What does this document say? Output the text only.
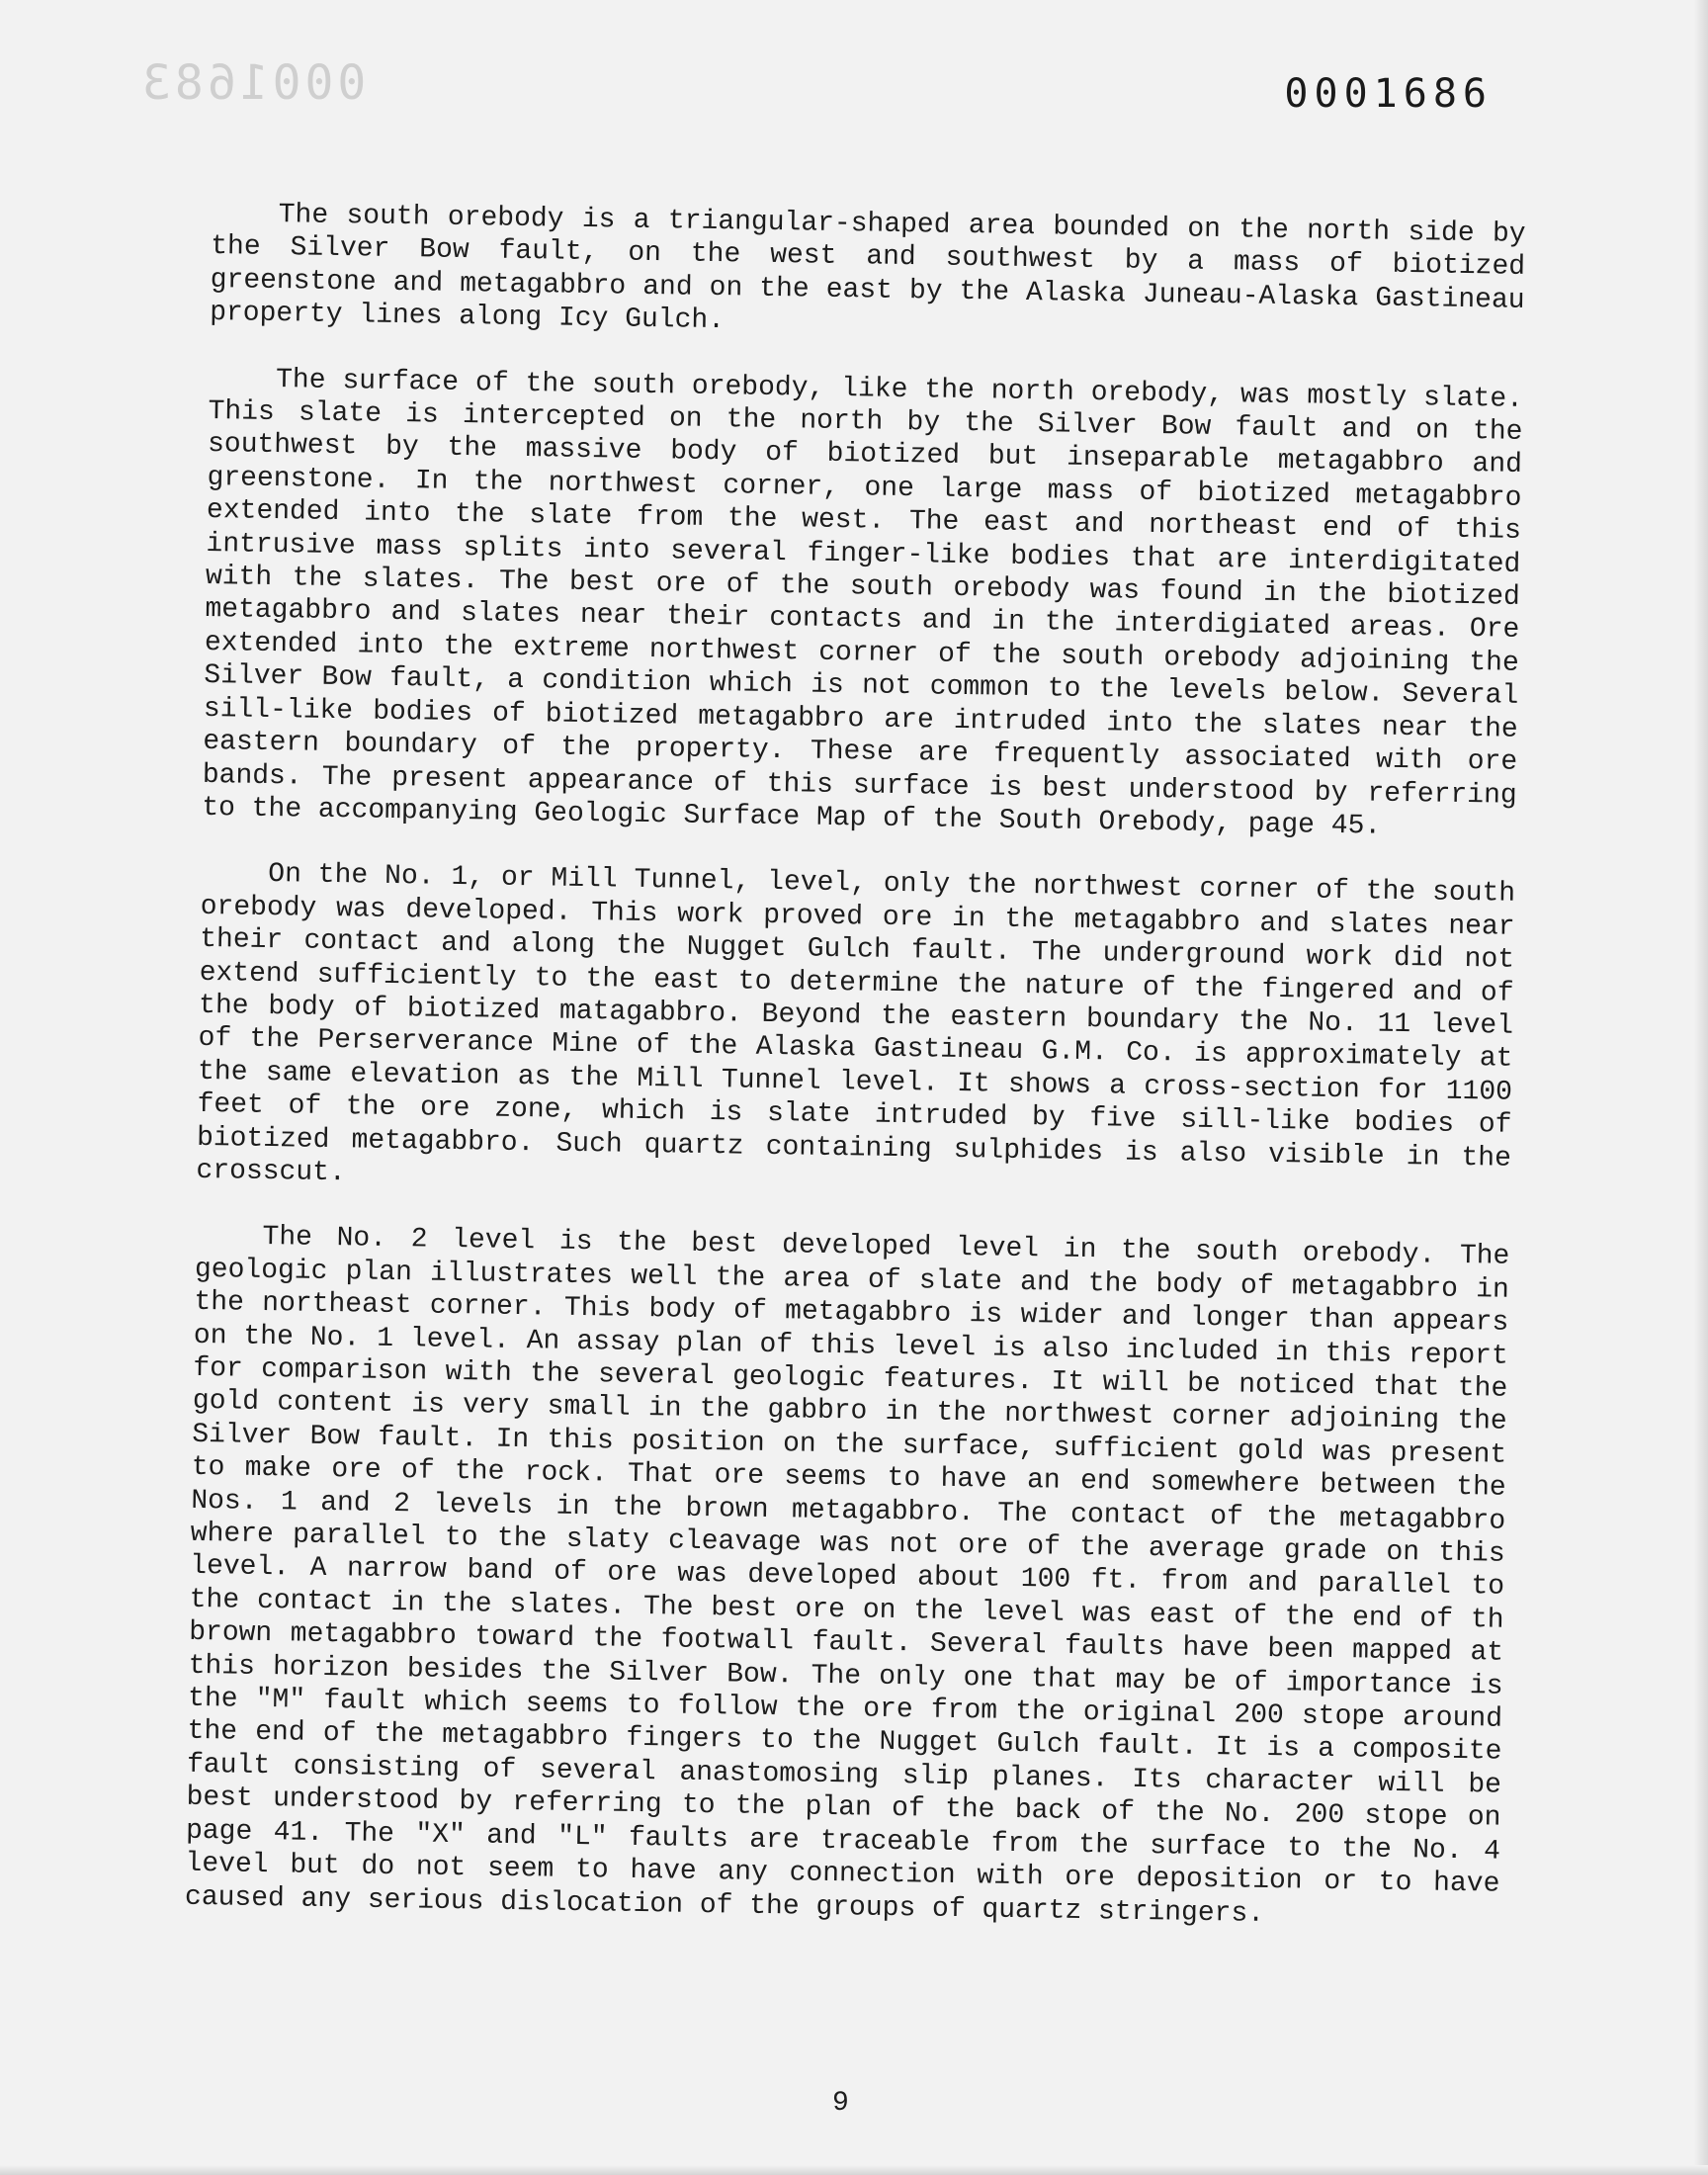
0001683	0001686

The south orebody is a triangular-shaped area bounded on the north side by the Silver Bow fault, on the west and southwest by a mass of biotized greenstone and metagabbro and on the east by the Alaska Juneau-Alaska Gastineau property lines along Icy Gulch.

The surface of the south orebody, like the north orebody, was mostly slate. This slate is intercepted on the north by the Silver Bow fault and on the southwest by the massive body of biotized but inseparable metagabbro and greenstone. In the northwest corner, one large mass of biotized metagabbro extended into the slate from the west. The east and northeast end of this intrusive mass splits into several finger-like bodies that are interdigitated with the slates. The best ore of the south orebody was found in the biotized metagabbro and slates near their contacts and in the interdigiated areas. Ore extended into the extreme northwest corner of the south orebody adjoining the Silver Bow fault, a condition which is not common to the levels below. Several sill-like bodies of biotized metagabbro are intruded into the slates near the eastern boundary of the property. These are frequently associated with ore bands. The present appearance of this surface is best understood by referring to the accompanying Geologic Surface Map of the South Orebody, page 45.

On the No. 1, or Mill Tunnel, level, only the northwest corner of the south orebody was developed. This work proved ore in the metagabbro and slates near their contact and along the Nugget Gulch fault. The underground work did not extend sufficiently to the east to determine the nature of the fingered and of the body of biotized matagabbro. Beyond the eastern boundary the No. 11 level of the Perserverance Mine of the Alaska Gastineau G.M. Co. is approximately at the same elevation as the Mill Tunnel level. It shows a cross-section for 1100 feet of the ore zone, which is slate intruded by five sill-like bodies of biotized metagabbro. Such quartz containing sulphides is also visible in the crosscut.

The No. 2 level is the best developed level in the south orebody. The geologic plan illustrates well the area of slate and the body of metagabbro in the northeast corner. This body of metagabbro is wider and longer than appears on the No. 1 level. An assay plan of this level is also included in this report for comparison with the several geologic features. It will be noticed that the gold content is very small in the gabbro in the northwest corner adjoining the Silver Bow fault. In this position on the surface, sufficient gold was present to make ore of the rock. That ore seems to have an end somewhere between the Nos. 1 and 2 levels in the brown metagabbro. The contact of the metagabbro where parallel to the slaty cleavage was not ore of the average grade on this level. A narrow band of ore was developed about 100 ft. from and parallel to the contact in the slates. The best ore on the level was east of the end of th brown metagabbro toward the footwall fault. Several faults have been mapped at this horizon besides the Silver Bow. The only one that may be of importance is the "M" fault which seems to follow the ore from the original 200 stope around the end of the metagabbro fingers to the Nugget Gulch fault. It is a composite fault consisting of several anastomosing slip planes. Its character will be best understood by referring to the plan of the back of the No. 200 stope on page 41. The "X" and "L" faults are traceable from the surface to the No. 4 level but do not seem to have any connection with ore deposition or to have caused any serious dislocation of the groups of quartz stringers.

9
